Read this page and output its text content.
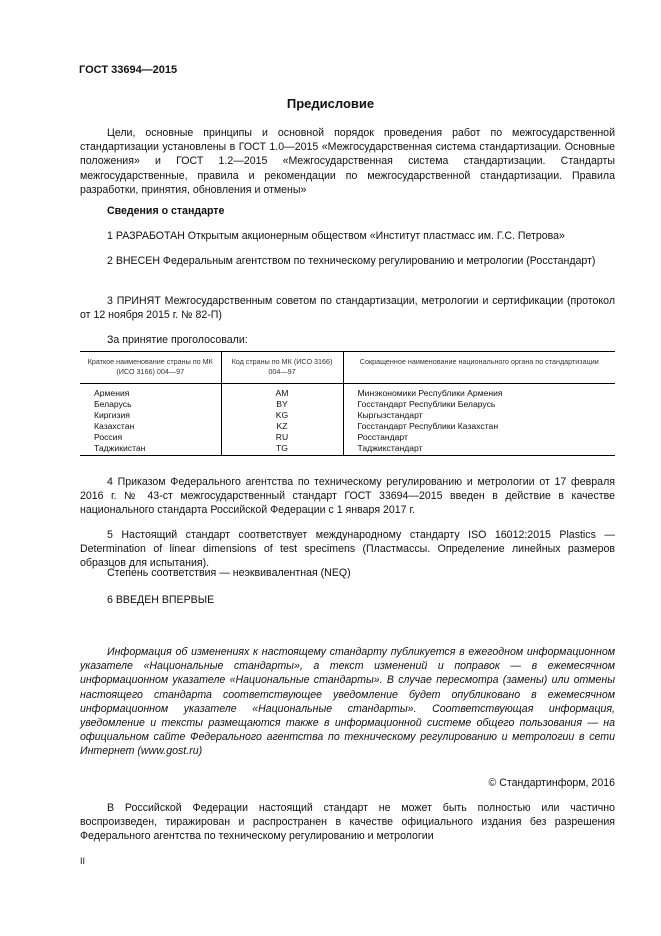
ГОСТ 33694—2015
Предисловие
Цели, основные принципы и основной порядок проведения работ по межгосударственной стандартизации установлены в ГОСТ 1.0—2015 «Межгосударственная система стандартизации. Основные положения» и ГОСТ 1.2—2015 «Межгосударственная система стандартизации. Стандарты межгосударственные, правила и рекомендации по межгосударственной стандартизации. Правила разработки, принятия, обновления и отмены»
Сведения о стандарте
1 РАЗРАБОТАН Открытым акционерным обществом «Институт пластмасс им. Г.С. Петрова»
2 ВНЕСЕН Федеральным агентством по техническому регулированию и метрологии (Росстандарт)
3 ПРИНЯТ Межгосударственным советом по стандартизации, метрологии и сертификации (протокол от 12 ноября 2015 г. № 82-П)
За принятие проголосовали:
Краткое наименование страны по МК (ИСО 3166) 004—97	Код страны по МК (ИСО 3166) 004—97	Сокращенное наименование национального органа по стандартизации
Армения	AM	Минэкономики Республики Армения
Беларусь	BY	Госстандарт Республики Беларусь
Киргизия	KG	Кыргызстандарт
Казахстан	KZ	Госстандарт Республики Казахстан
Россия	RU	Росстандарт
Таджикистан	TG	Таджикстандарт
4 Приказом Федерального агентства по техническому регулированию и метрологии от 17 февраля 2016 г. № 43-ст межгосударственный стандарт ГОСТ 33694—2015 введен в действие в качестве национального стандарта Российской Федерации с 1 января 2017 г.
5 Настоящий стандарт соответствует международному стандарту ISO 16012:2015 Plastics — Determination of linear dimensions of test specimens (Пластмассы. Определение линейных размеров образцов для испытания).
Степень соответствия — неэквивалентная (NEQ)
6 ВВЕДЕН ВПЕРВЫЕ
Информация об изменениях к настоящему стандарту публикуется в ежегодном информационном указателе «Национальные стандарты», а текст изменений и поправок — в ежемесячном информационном указателе «Национальные стандарты». В случае пересмотра (замены) или отмены настоящего стандарта соответствующее уведомление будет опубликовано в ежемесячном информационном указателе «Национальные стандарты». Соответствующая информация, уведомление и тексты размещаются также в информационной системе общего пользования — на официальном сайте Федерального агентства по техническому регулированию и метрологии в сети Интернет (www.gost.ru)
© Стандартинформ, 2016
В Российской Федерации настоящий стандарт не может быть полностью или частично воспроизведен, тиражирован и распространен в качестве официального издания без разрешения Федерального агентства по техническому регулированию и метрологии
II
